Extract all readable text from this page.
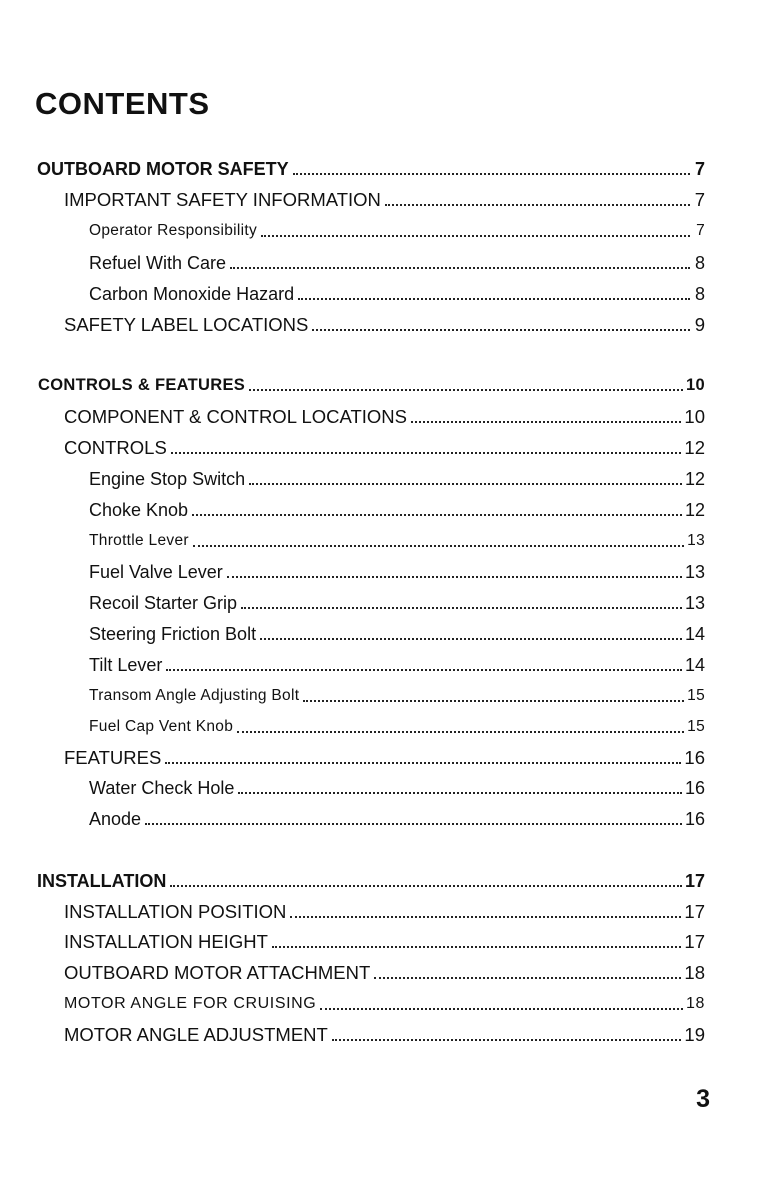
CONTENTS
OUTBOARD MOTOR SAFETY	7
IMPORTANT SAFETY INFORMATION	7
Operator Responsibility	7
Refuel With Care	8
Carbon Monoxide Hazard	8
SAFETY LABEL LOCATIONS	9
CONTROLS & FEATURES	10
COMPONENT & CONTROL LOCATIONS	10
CONTROLS	12
Engine Stop Switch	12
Choke Knob	12
Throttle Lever	13
Fuel Valve Lever	13
Recoil Starter Grip	13
Steering Friction Bolt	14
Tilt Lever	14
Transom Angle Adjusting Bolt	15
Fuel Cap Vent Knob	15
FEATURES	16
Water Check Hole	16
Anode	16
INSTALLATION	17
INSTALLATION POSITION	17
INSTALLATION HEIGHT	17
OUTBOARD MOTOR ATTACHMENT	18
MOTOR ANGLE FOR CRUISING	18
MOTOR ANGLE ADJUSTMENT	19
3
